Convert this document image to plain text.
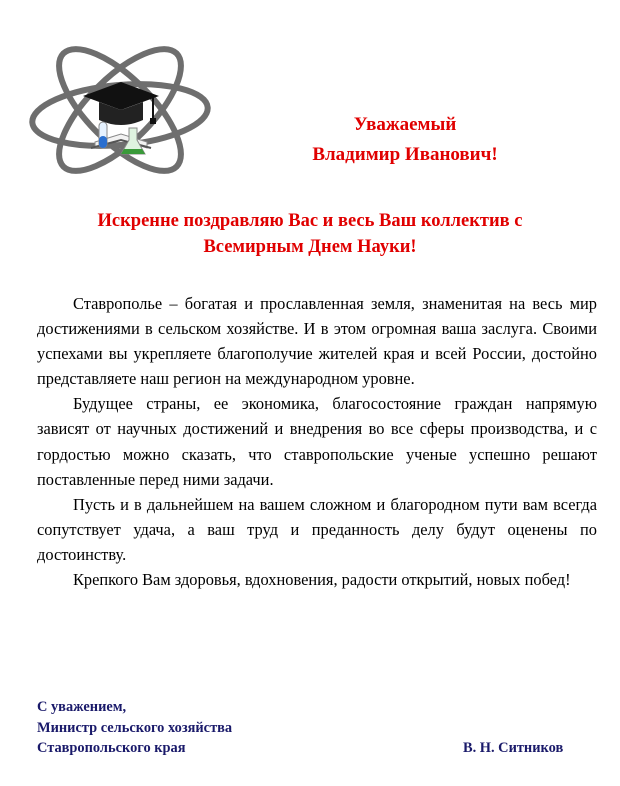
Уважаемый
Владимир Иванович!
Искренне поздравляю Вас и весь Ваш коллектив с
Всемирным Днем Науки!

Ставрополье – богатая и прославленная земля, знаменитая на весь мир достижениями в сельском хозяйстве. И в этом огромная ваша заслуга. Своими успехами вы укрепляете благополучие жителей края и всей России, достойно представляете наш регион на международном уровне.

Будущее страны, ее экономика, благосостояние граждан напрямую зависят от научных достижений и внедрения во все сферы производства, и с гордостью можно сказать, что ставропольские ученые успешно решают поставленные перед ними задачи.

Пусть и в дальнейшем на вашем сложном и благородном пути вам всегда сопутствует удача, а ваш труд и преданность делу будут оценены по достоинству.

Крепкого Вам здоровья, вдохновения, радости открытий, новых побед!

С уважением,
Министр сельского хозяйства
Ставропольского края	В. Н. Ситников
